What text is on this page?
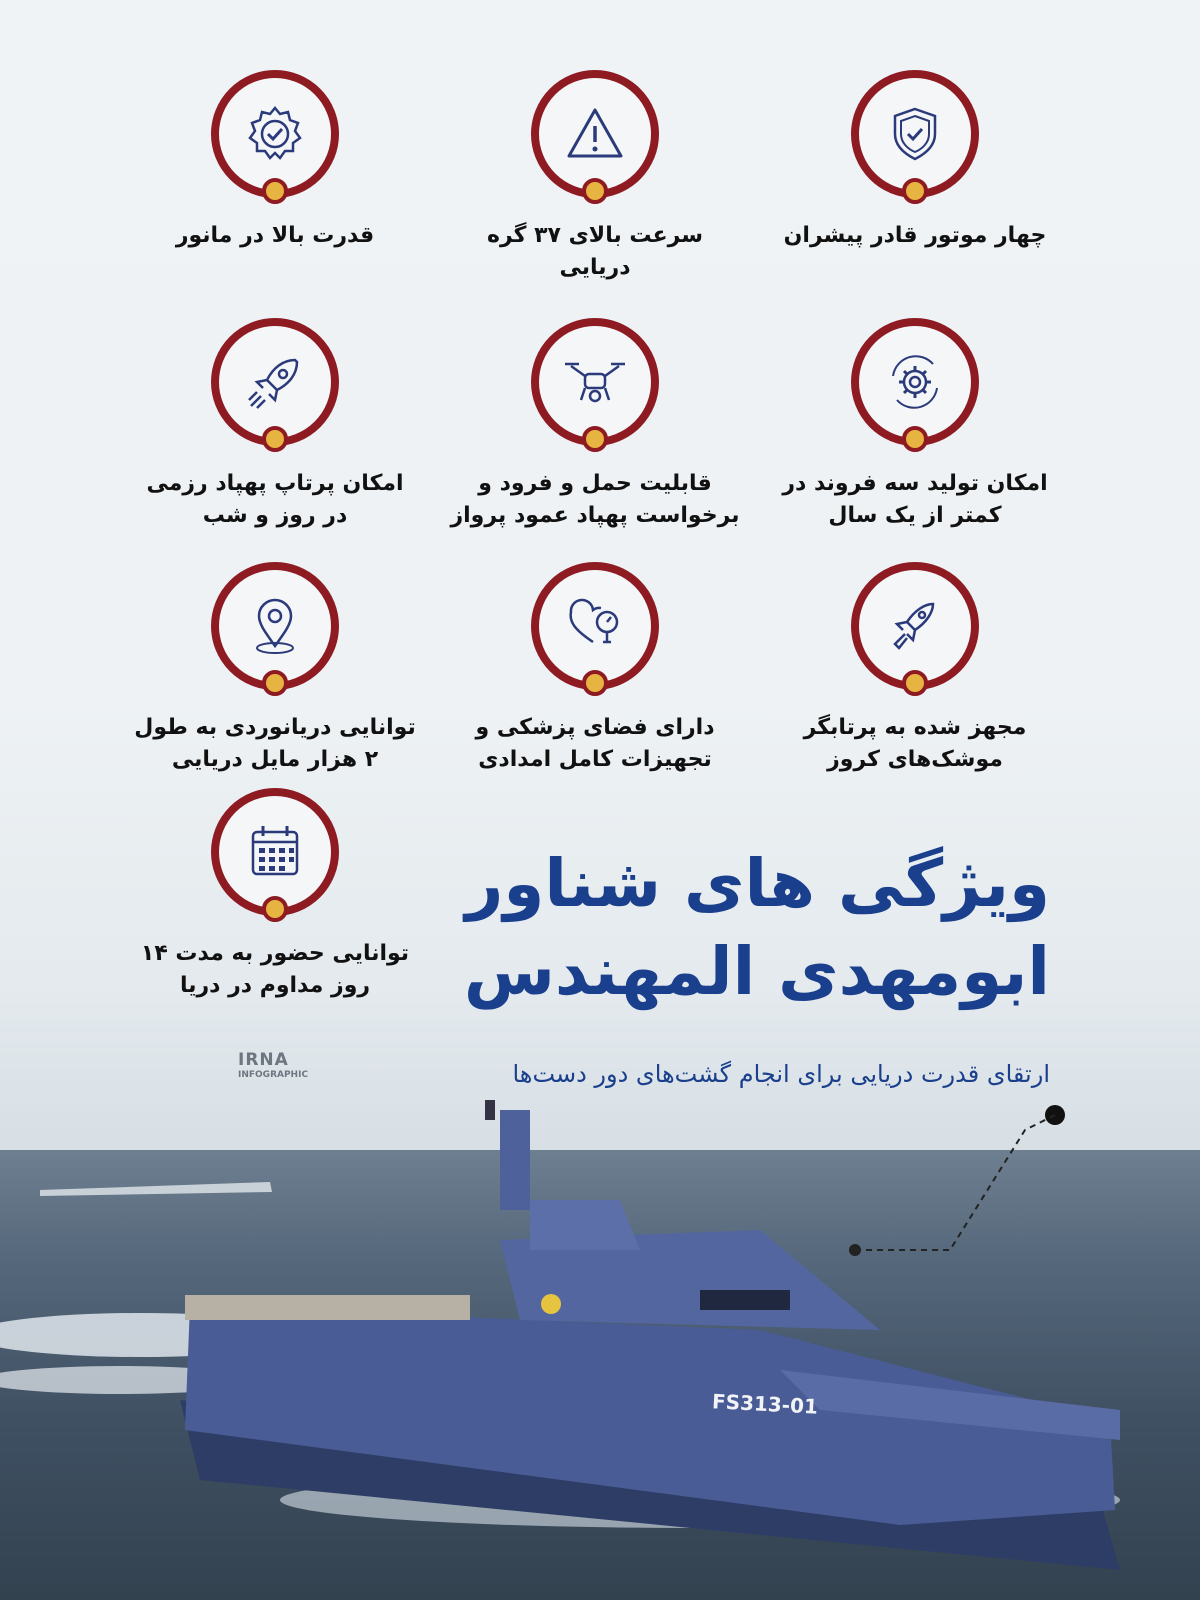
FS313-01
قدرت بالا در مانور	سرعت بالای ۳۷ گره
دریایی
چهار موتور قادر پیشران
امکان پرتاپ پهپاد رزمی
در روز و شب
قابلیت حمل و فرود و
برخواست پهپاد عمود پرواز
امکان تولید سه فروند در
کمتر از یک سال
توانایی دریانوردی به طول
۲ هزار مایل دریایی
دارای فضای پزشکی و
تجهیزات کامل امدادی
مجهز شده به پرتابگر
موشک‌های کروز
توانایی حضور به مدت ۱۴
روز مداوم در دریا
ویژگی های شناور
ابومهدی المهندس
ارتقای قدرت دریایی برای انجام گشت‌های دور دست‌ها
IRNA
INFOGRAPHIC
